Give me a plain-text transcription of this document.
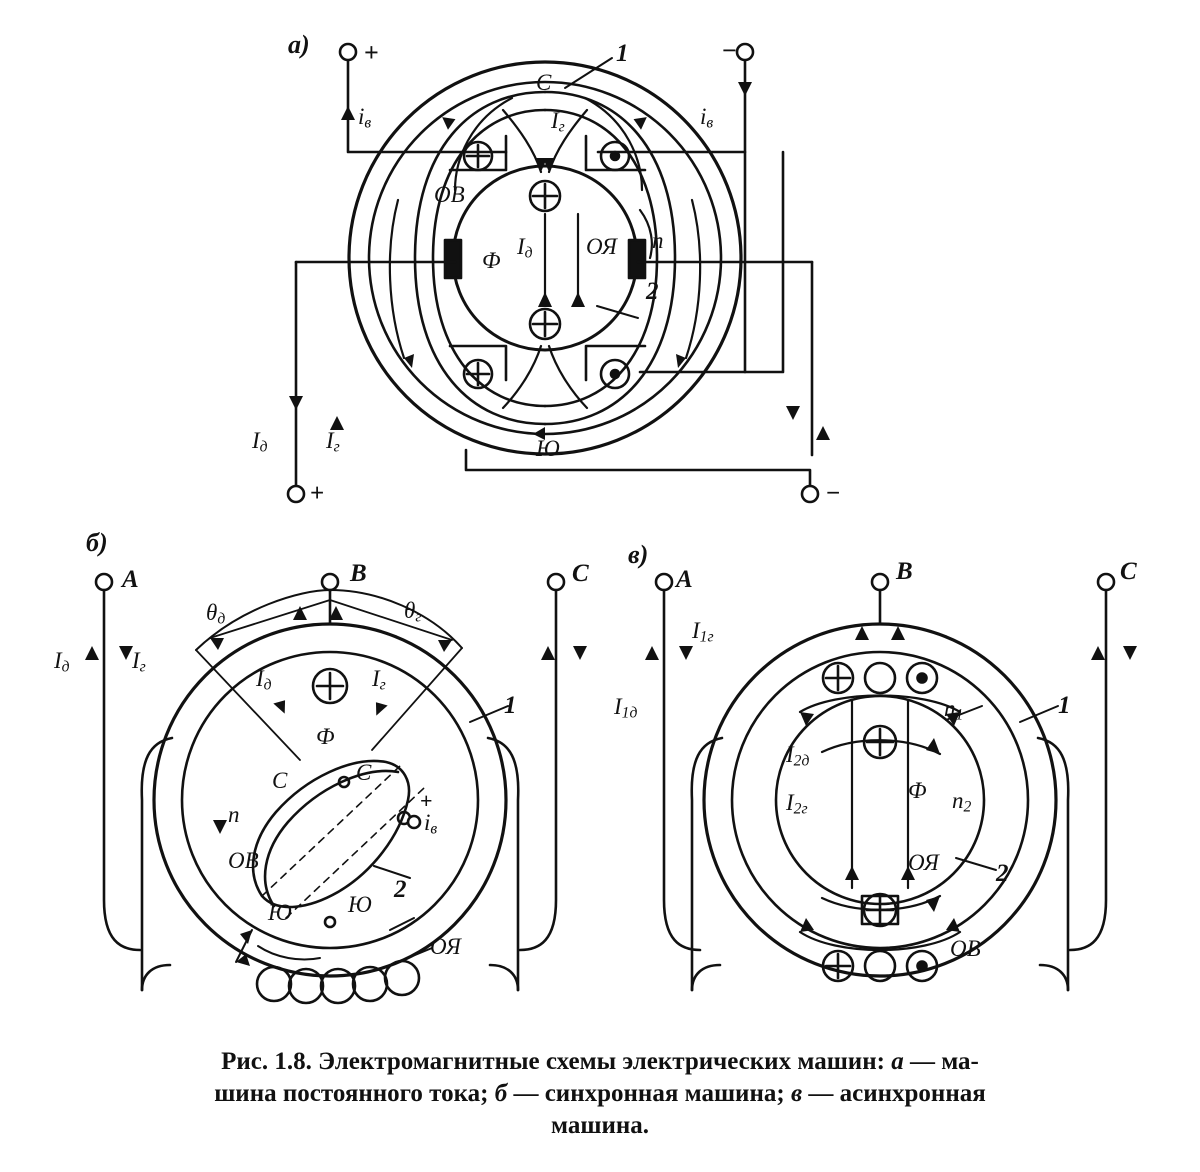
а) +	−
$i_в$	$i_в$
1
С
$I_г$
ОВ
$I_д$
Ф
ОЯ n
2
Ю
$I_д$	$I_г$
+	−
б)
А	В	С
$I_д$	$I_г$
$\theta_д$	$\theta_г$
$I_д$	$I_г$
Ф
1
С	С
n
+
$i_в$
ОВ
2
Ю Ю
ОЯ
в)
А	В	С
$I_{1д}$
$I_{1г}$
$I_{2д}$
$I_{2г}$
Ф
$n_1$
$n_2$
1
ОЯ 2
ОВ
Рис. 1.8. Электромагнитные схемы электрических машин: а — ма-
шина постоянного тока; б — синхронная машина; в — асинхронная
машина.
